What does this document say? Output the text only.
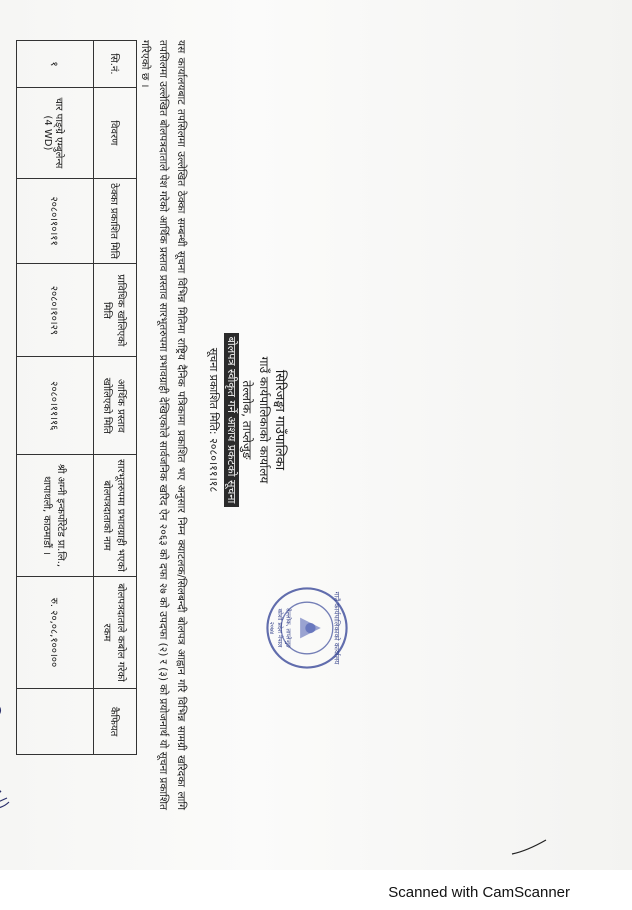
सिरिजङ्घा गाउँपालिका
गाउँ कार्यपालिकाको कार्यालय
तेल्लोक, ताप्लेजुङ
बोलपत्र स्वीकृत गर्ने आशय प्रकटको सूचना
सूचना प्रकाशित मिति: २०८०।११।१८
गाउँ कार्यपालिकाको कार्यालय
तेल्लोक, ताप्लेजुङ
कोशी प्रदेश नेपाल
२०७४
यस कार्यालयबाट तपसिलमा उल्लेखित ठेक्का सम्बन्धी सूचना विभिन्न मितिमा राष्ट्रिय दैनिक पत्रिकामा प्रकाशित भए अनुसार निम्न क्याटलक/सिलबन्दी बोलपत्र आह्वान गरि विभिन्न सामग्री खरिदका लागि तपसिलमा उल्लेखित बोलपत्रदाताले पेश गरेको आर्थिक प्रस्ताव प्रस्ताव सारभूतरुपमा प्रभावग्राही देखिएकोले सार्वजनिक खरिद ऐन २०६३ को दफा २७ को उपदफा (२) र (३) को प्रयोजनार्थ यो सूचना प्रकाशित गरिएको छ ।
सि.नं.	विवरण	ठेक्का प्रकाशित मिति	प्राविधिक खोलिएको मिति	आर्थिक प्रस्ताव खोलिएको मिति	सारभूतरुपमा प्रभावग्राही भएको बोलपत्रदाताको नाम	बोलपत्रदाताले कबोल गरेको रकम	कैफियत
१	चार पाङ्ग्रे एम्बुलेन्स (4 WD)	२०८०।१०।११	२०८०।१०।२९	२०८०।११।१६	श्री अग्नी इन्कर्पोरेटेड प्रा.लि., थापाथली, काठमाडौं ।	रु. २०,०८,१००।००	
Scanned with CamScanner
